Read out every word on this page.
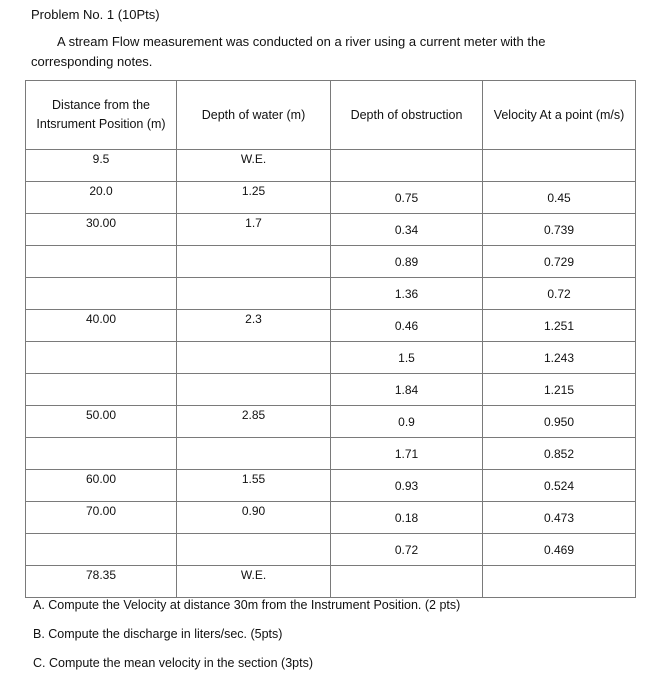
Problem No. 1 (10Pts)
A stream Flow measurement was conducted on a river using a current meter with the
corresponding notes.
Distance from the Intsrument Position (m)	Depth of water (m)	Depth of obstruction	Velocity At a point (m/s)
9.5	W.E.		
20.0	1.25	0.75	0.45
30.00	1.7	0.34	0.739
		0.89	0.729
		1.36	0.72
40.00	2.3	0.46	1.251
		1.5	1.243
		1.84	1.215
50.00	2.85	0.9	0.950
		1.71	0.852
60.00	1.55	0.93	0.524
70.00	0.90	0.18	0.473
		0.72	0.469
78.35	W.E.		
A. Compute the Velocity at distance 30m from the Instrument Position. (2 pts)
B. Compute the discharge in liters/sec. (5pts)
C. Compute the mean velocity in the section (3pts)
